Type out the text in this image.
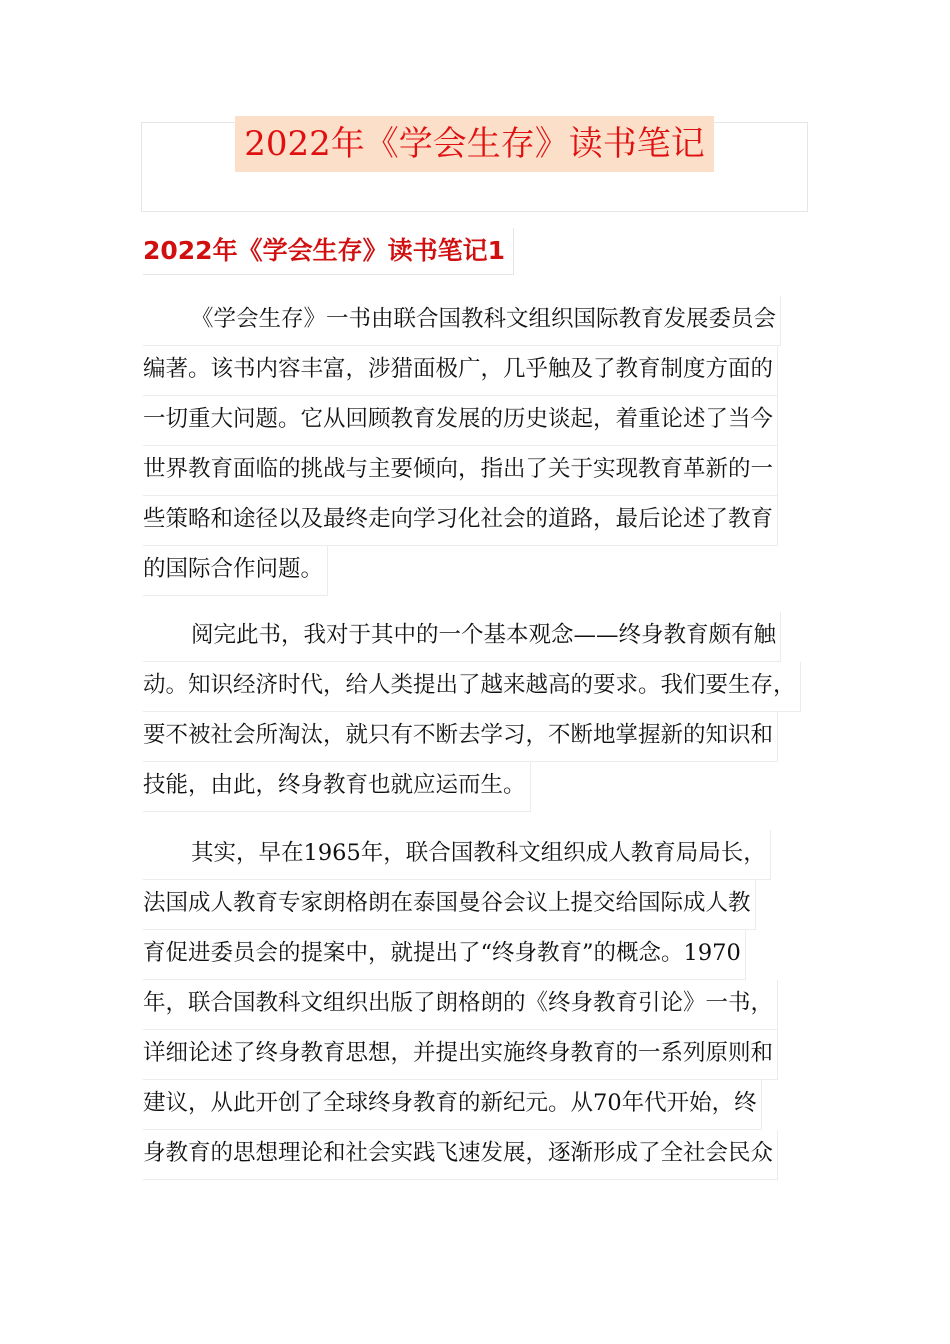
2022年《学会生存》读书笔记
2022年《学会生存》读书笔记1
《学会生存》一书由联合国教科文组织国际教育发展委员会
编著。该书内容丰富，涉猎面极广，几乎触及了教育制度方面的
一切重大问题。它从回顾教育发展的历史谈起，着重论述了当今
世界教育面临的挑战与主要倾向，指出了关于实现教育革新的一
些策略和途径以及最终走向学习化社会的道路，最后论述了教育
的国际合作问题。
阅完此书，我对于其中的一个基本观念——终身教育颇有触
动。知识经济时代，给人类提出了越来越高的要求。我们要生存，
要不被社会所淘汰，就只有不断去学习，不断地掌握新的知识和
技能，由此，终身教育也就应运而生。
其实，早在1965年，联合国教科文组织成人教育局局长，
法国成人教育专家朗格朗在泰国曼谷会议上提交给国际成人教
育促进委员会的提案中，就提出了“终身教育”的概念。1970
年，联合国教科文组织出版了朗格朗的《终身教育引论》一书，
详细论述了终身教育思想，并提出实施终身教育的一系列原则和
建议，从此开创了全球终身教育的新纪元。从70年代开始，终
身教育的思想理论和社会实践飞速发展，逐渐形成了全社会民众
